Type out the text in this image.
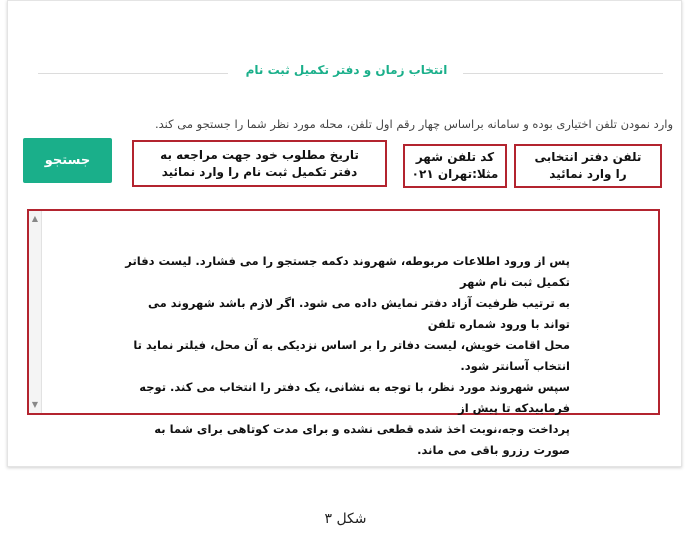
انتخاب زمان و دفتر تکمیل ثبت نام
وارد نمودن تلفن اختیاری بوده و سامانه براساس چهار رقم اول تلفن، محله مورد نظر شما را جستجو می کند.
جستجو	تاریخ مطلوب خود جهت مراجعه به
دفتر تکمیل ثبت نام را وارد نمائید
کد تلفن شهر
مثلا:تهران ۰۲۱
تلفن دفتر انتخابی
را وارد نمائید
▲
▼
پس از ورود اطلاعات مربوطه، شهروند دکمه جستجو را می فشارد. لیست دفاتر تکمیل ثبت نام شهر
به ترتیب ظرفیت آزاد دفتر نمایش داده می شود. اگر لازم باشد شهروند می تواند با ورود شماره تلفن
محل اقامت خویش، لیست دفاتر را بر اساس نزدیکی به آن محل، فیلتر نماید تا انتخاب آسانتر شود.
سپس شهروند مورد نظر، با توجه به نشانی، یک دفتر را انتخاب می کند. توجه فرمایید‌که تا پیش از
پرداخت وجه،نوبت اخذ شده قطعی نشده و برای مدت کوتاهی برای شما به صورت رزرو باقی می ماند.
شکل ۳
